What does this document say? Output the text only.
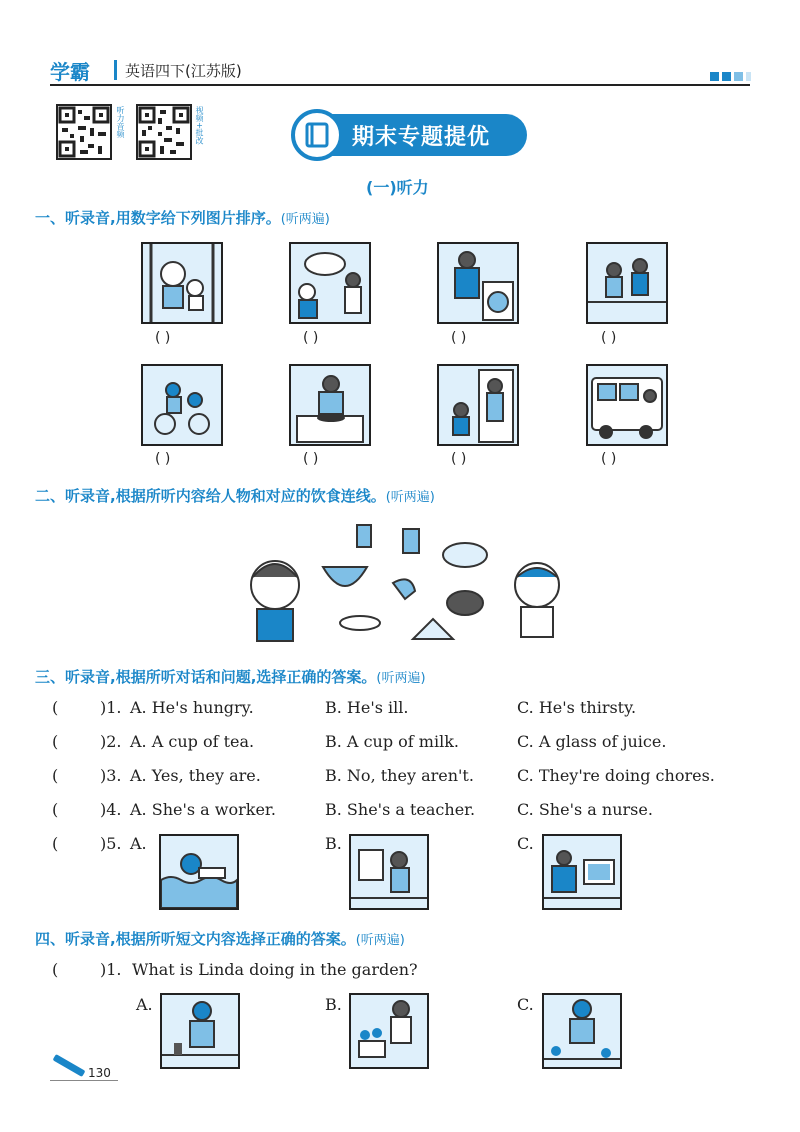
学霸 英语四下(江苏版)
听力音频	视频+批改	期末专题提优
(一)听力
一、听录音,用数字给下列图片排序。(听两遍)
( )	( )	( )	( )
( )	( )	( )	( )
二、听录音,根据所听内容给人物和对应的饮食连线。(听两遍)
三、听录音,根据所听对话和问题,选择正确的答案。(听两遍)
(	)1. A. He's hungry.	B. He's ill.	C. He's thirsty.
(	)2. A. A cup of tea.	B. A cup of milk.	C. A glass of juice.
(	)3. A. Yes, they are.	B. No, they aren't.	C. They're doing chores.
(	)4. A. She's a worker.	B. She's a teacher.	C. She's a nurse.
(	)5. A.	B.	C.
四、听录音,根据所听短文内容选择正确的答案。(听两遍)
(	)1. What is Linda doing in the garden?
A.	B.	C.
130
